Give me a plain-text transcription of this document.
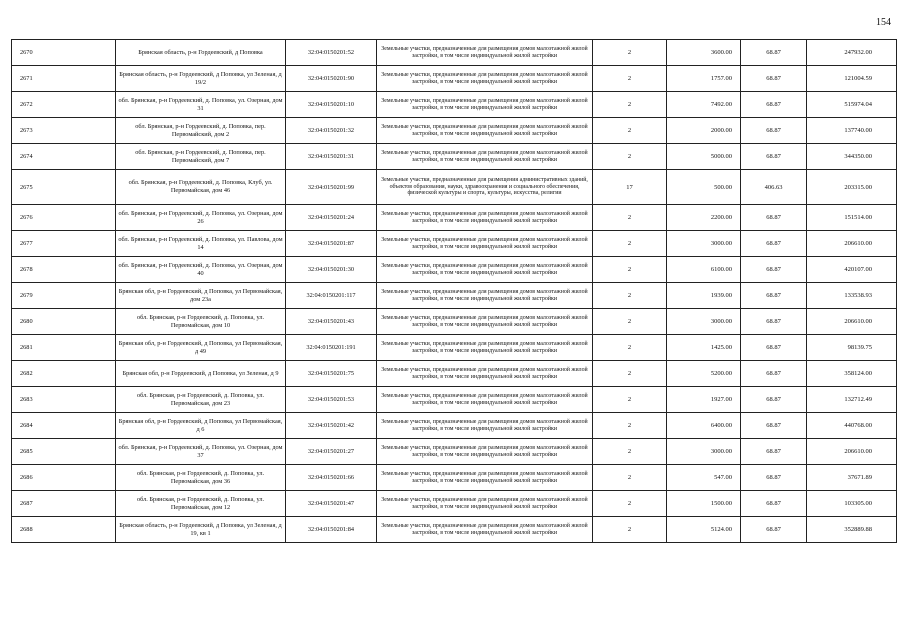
154
2670	Брянская область, р-н Гордеевский, д Поповка	32:04:0150201:52	Земельные участки, предназначенные для размещения домов малоэтажной жилой застройки, в том числе индивидуальной жилой застройки	2	3600.00	68.87	247932.00
2671	Брянская область, р-н Гордеевский, д Поповка, ул Зеленая, д 19/2	32:04:0150201:90	Земельные участки, предназначенные для размещения домов малоэтажной жилой застройки, в том числе индивидуальной жилой застройки	2	1757.00	68.87	121004.59
2672	обл. Брянская, р-н Гордеевский, д. Поповка, ул. Озерная, дом 31	32:04:0150201:10	Земельные участки, предназначенные для размещения домов малоэтажной жилой застройки, в том числе индивидуальной жилой застройки	2	7492.00	68.87	515974.04
2673	обл. Брянская, р-н Гордеевский, д. Поповка, пер. Первомайский, дом 2	32:04:0150201:32	Земельные участки, предназначенные для размещения домов малоэтажной жилой застройки, в том числе индивидуальной жилой застройки	2	2000.00	68.87	137740.00
2674	обл. Брянская, р-н Гордеевский, д. Поповка, пер. Первомайский, дом 7	32:04:0150201:31	Земельные участки, предназначенные для размещения домов малоэтажной жилой застройки, в том числе индивидуальной жилой застройки	2	5000.00	68.87	344350.00
2675	обл. Брянская, р-н Гордеевский, д. Поповка, Клуб, ул. Первомайская, дом 46	32:04:0150201:99	Земельные участки, предназначенные для размещения административных зданий, объектов образования, науки, здравоохранения и социального обеспечения, физической культуры и спорта, культуры, искусства, религии	17	500.00	406.63	203315.00
2676	обл. Брянская, р-н Гордеевский, д. Поповка, ул. Озерная, дом 26	32:04:0150201:24	Земельные участки, предназначенные для размещения домов малоэтажной жилой застройки, в том числе индивидуальной жилой застройки	2	2200.00	68.87	151514.00
2677	обл. Брянская, р-н Гордеевский, д. Поповка, ул. Павлова, дом 14	32:04:0150201:87	Земельные участки, предназначенные для размещения домов малоэтажной жилой застройки, в том числе индивидуальной жилой застройки	2	3000.00	68.87	206610.00
2678	обл. Брянская, р-н Гордеевский, д. Поповка, ул. Озерная, дом 40	32:04:0150201:30	Земельные участки, предназначенные для размещения домов малоэтажной жилой застройки, в том числе индивидуальной жилой застройки	2	6100.00	68.87	420107.00
2679	Брянская обл, р-н Гордеевский, д Поповка, ул Первомайская, дом 23а	32:04:0150201:117	Земельные участки, предназначенные для размещения домов малоэтажной жилой застройки, в том числе индивидуальной жилой застройки	2	1939.00	68.87	133538.93
2680	обл. Брянская, р-н Гордеевский, д. Поповка, ул. Первомайская, дом 10	32:04:0150201:43	Земельные участки, предназначенные для размещения домов малоэтажной жилой застройки, в том числе индивидуальной жилой застройки	2	3000.00	68.87	206610.00
2681	Брянская обл, р-н Гордеевский, д Поповка, ул Первомайская, д 49	32:04:0150201:191	Земельные участки, предназначенные для размещения домов малоэтажной жилой застройки, в том числе индивидуальной жилой застройки	2	1425.00	68.87	98139.75
2682	Брянская обл, р-н Гордеевский, д Поповка, ул Зеленая, д 9	32:04:0150201:75	Земельные участки, предназначенные для размещения домов малоэтажной жилой застройки, в том числе индивидуальной жилой застройки	2	5200.00	68.87	358124.00
2683	обл. Брянская, р-н Гордеевский, д. Поповка, ул. Первомайская, дом 23	32:04:0150201:53	Земельные участки, предназначенные для размещения домов малоэтажной жилой застройки, в том числе индивидуальной жилой застройки	2	1927.00	68.87	132712.49
2684	Брянская обл, р-н Гордеевский, д Поповка, ул Первомайская, д 6	32:04:0150201:42	Земельные участки, предназначенные для размещения домов малоэтажной жилой застройки, в том числе индивидуальной жилой застройки	2	6400.00	68.87	440768.00
2685	обл. Брянская, р-н Гордеевский, д. Поповка, ул. Озерная, дом 37	32:04:0150201:27	Земельные участки, предназначенные для размещения домов малоэтажной жилой застройки, в том числе индивидуальной жилой застройки	2	3000.00	68.87	206610.00
2686	обл. Брянская, р-н Гордеевский, д. Поповка, ул. Первомайская, дом 36	32:04:0150201:66	Земельные участки, предназначенные для размещения домов малоэтажной жилой застройки, в том числе индивидуальной жилой застройки	2	547.00	68.87	37671.89
2687	обл. Брянская, р-н Гордеевский, д. Поповка, ул. Первомайская, дом 12	32:04:0150201:47	Земельные участки, предназначенные для размещения домов малоэтажной жилой застройки, в том числе индивидуальной жилой застройки	2	1500.00	68.87	103305.00
2688	Брянская область, р-н Гордеевский, д Поповка, ул Зеленая, д 19, кв 1	32:04:0150201:84	Земельные участки, предназначенные для размещения домов малоэтажной жилой застройки, в том числе индивидуальной жилой застройки	2	5124.00	68.87	352889.88
